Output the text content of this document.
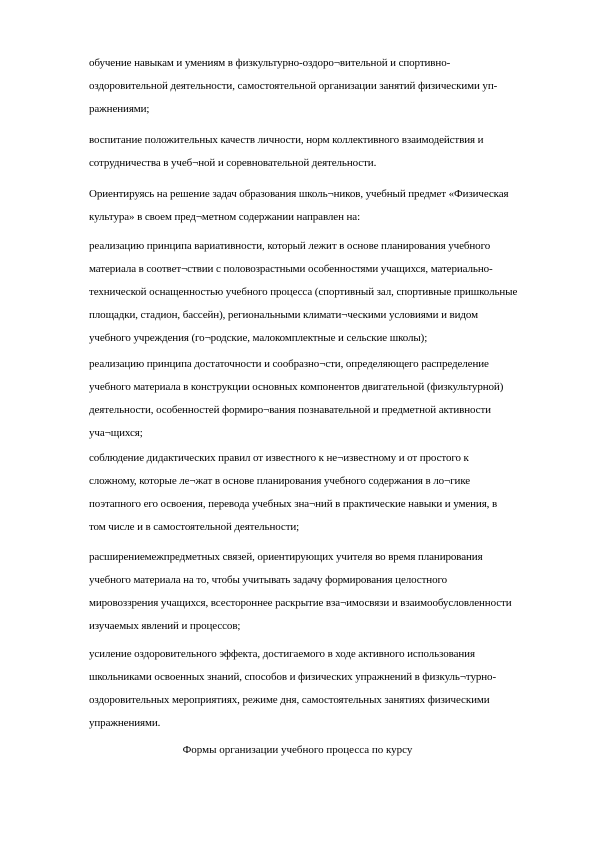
обучение навыкам и умениям в физкультурно-оздоро¬вительной и спортивно-
оздоровительной деятельности, самостоятельной организации занятий физическими уп-
ражнениями;

воспитание положительных качеств личности, норм коллективного взаимодействия и
сотрудничества в учеб¬ной и соревновательной деятельности.

Ориентируясь на решение задач образования школь¬ников, учебный предмет «Физическая
культура» в своем пред¬метном содержании направлен на:

реализацию принципа вариативности, который лежит в основе планирования учебного
материала в соответ¬ствии с половозрастными особенностями учащихся, материально-
технической оснащенностью учебного процесса (спортивный зал, спортивные пришкольные
площадки, стадион, бассейн), региональными климати¬ческими условиями и видом
учебного учреждения (го¬родские, малокомплектные и сельские школы);

реализацию принципа достаточности и сообразно¬сти, определяющего распределение
учебного материала в конструкции основных компонентов двигательной (физкультурной)
деятельности, особенностей формиро¬вания познавательной и предметной активности
уча¬щихся;

соблюдение дидактических правил от известного к не¬известному и от простого к
сложному, которые ле¬жат в основе планирования учебного содержания в ло¬гике
поэтапного его освоения, перевода учебных зна¬ний в практические навыки и умения, в
том числе и в самостоятельной деятельности;

расширениемежпредметных связей, ориентирующих учителя во время планирования
учебного материала на то, чтобы учитывать задачу формирования целостного
мировоззрения учащихся, всестороннее раскрытие вза¬имосвязи и взаимообусловленности
изучаемых явлений и процессов;

усиление оздоровительного эффекта, достигаемого в ходе активного использования
школьниками освоенных знаний, способов и физических упражнений в физкуль¬турно-
оздоровительных мероприятиях, режиме дня, самостоятельных занятиях физическими
упражнениями.

Формы организации учебного процесса по курсу
